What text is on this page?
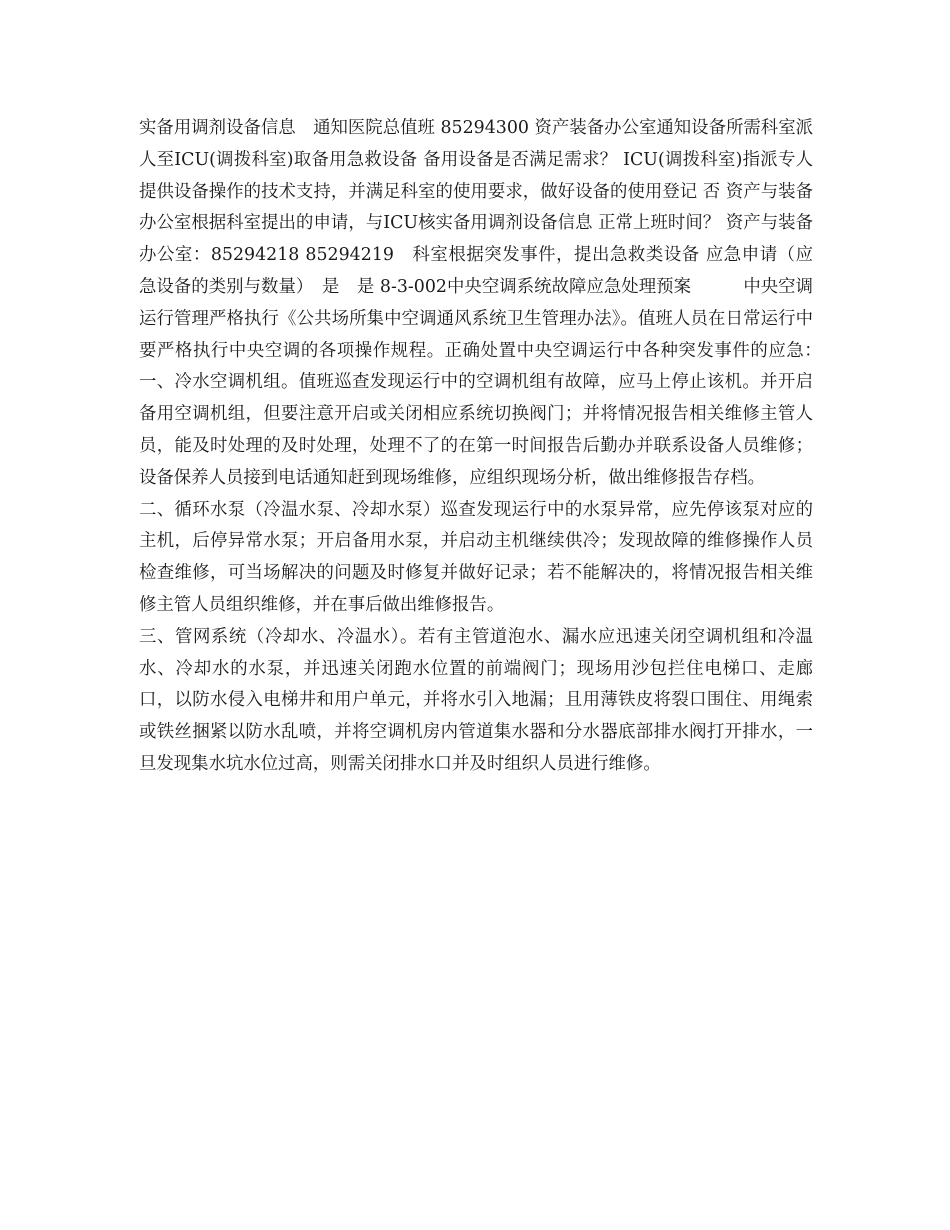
实备用调剂设备信息　通知医院总值班 85294300 资产装备办公室通知设备所需科室派 人至ICU(调拨科室)取备用急救设备 备用设备是否满足需求？ ICU(调拨科室)指派专人提供设备操作的技术支持，并满足科室的使用要求，做好设备的使用登记 否 资产与装备办公室根据科室提出的申请，与ICU核实备用调剂设备信息 正常上班时间？ 资产与装备办公室：85294218 85294219　科室根据突发事件，提出急救类设备 应急申请（应急设备的类别与数量）　是　是 8-3-002中央空调系统故障应急处理预案　　　中央空调运行管理严格执行《公共场所集中空调通风系统卫生管理办法》。值班人员在日常运行中要严格执行中央空调的各项操作规程。正确处置中央空调运行中各种突发事件的应急：　一、冷水空调机组。值班巡查发现运行中的空调机组有故障，应马上停止该机。并开启备用空调机组，但要注意开启或关闭相应系统切换阀门；并将情况报告相关维修主管人员，能及时处理的及时处理，处理不了的在第一时间报告后勤办并联系设备人员维修；设备保养人员接到电话通知赶到现场维修，应组织现场分析，做出维修报告存档。

二、循环水泵（冷温水泵、冷却水泵）巡查发现运行中的水泵异常，应先停该泵对应的主机，后停异常水泵；开启备用水泵，并启动主机继续供冷；发现故障的维修操作人员检查维修，可当场解决的问题及时修复并做好记录；若不能解决的，将情况报告相关维修主管人员组织维修，并在事后做出维修报告。

三、管网系统（冷却水、冷温水）。若有主管道泡水、漏水应迅速关闭空调机组和冷温水、冷却水的水泵，并迅速关闭跑水位置的前端阀门；现场用沙包拦住电梯口、走廊口，以防水侵入电梯井和用户单元，并将水引入地漏；且用薄铁皮将裂口围住、用绳索或铁丝捆紧以防水乱喷，并将空调机房内管道集水器和分水器底部排水阀打开排水，一旦发现集水坑水位过高，则需关闭排水口并及时组织人员进行维修。
